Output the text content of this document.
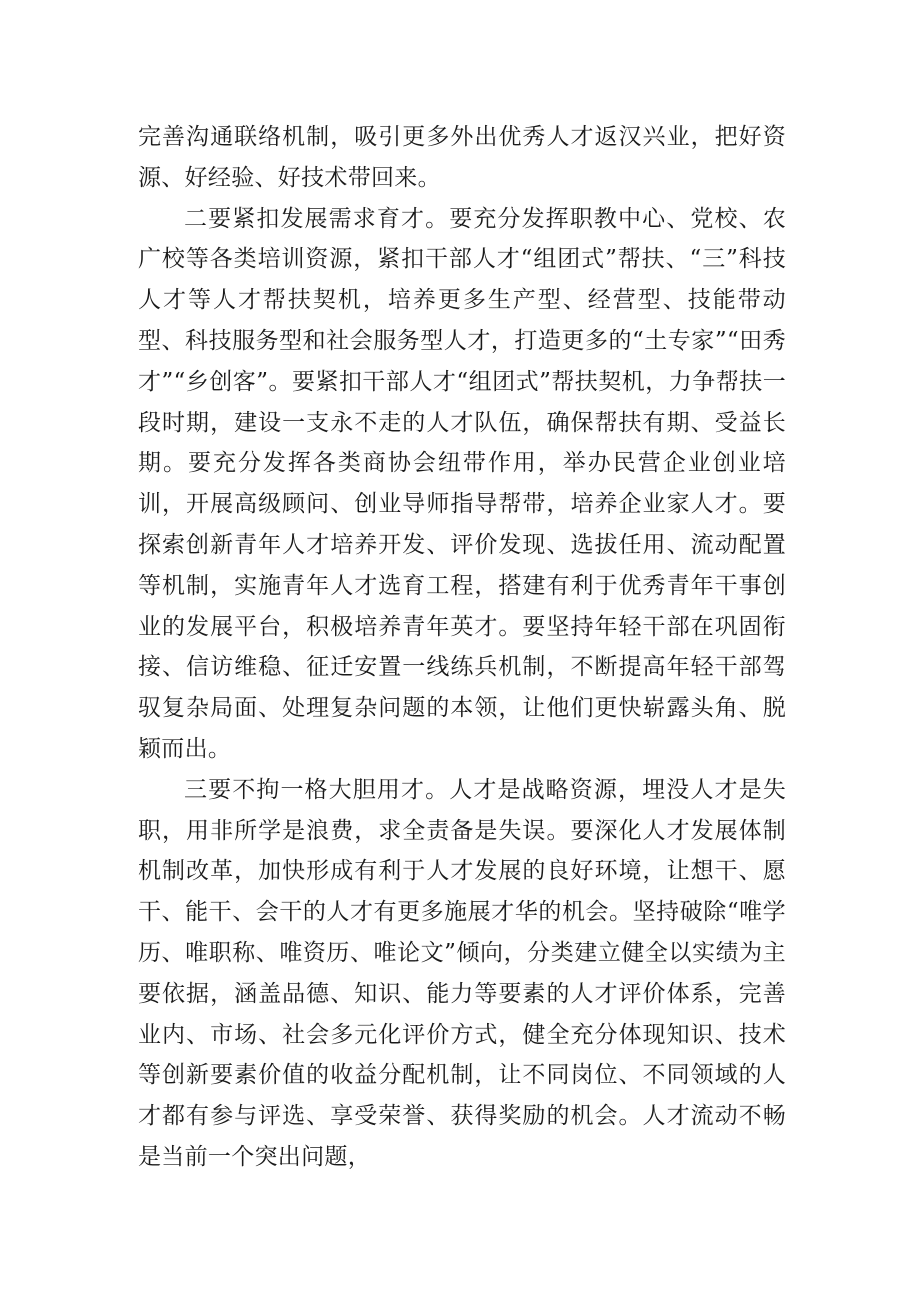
完善沟通联络机制，吸引更多外出优秀人才返汉兴业，把好资源、好经验、好技术带回来。

二要紧扣发展需求育才。要充分发挥职教中心、党校、农广校等各类培训资源，紧扣干部人才“组团式”帮扶、“三”科技人才等人才帮扶契机，培养更多生产型、经营型、技能带动型、科技服务型和社会服务型人才，打造更多的“土专家”“田秀才”“乡创客”。要紧扣干部人才“组团式”帮扶契机，力争帮扶一段时期，建设一支永不走的人才队伍，确保帮扶有期、受益长期。要充分发挥各类商协会纽带作用，举办民营企业创业培训，开展高级顾问、创业导师指导帮带，培养企业家人才。要探索创新青年人才培养开发、评价发现、选拔任用、流动配置等机制，实施青年人才选育工程，搭建有利于优秀青年干事创业的发展平台，积极培养青年英才。要坚持年轻干部在巩固衔接、信访维稳、征迁安置一线练兵机制，不断提高年轻干部驾驭复杂局面、处理复杂问题的本领，让他们更快崭露头角、脱颖而出。

三要不拘一格大胆用才。人才是战略资源，埋没人才是失职，用非所学是浪费，求全责备是失误。要深化人才发展体制机制改革，加快形成有利于人才发展的良好环境，让想干、愿干、能干、会干的人才有更多施展才华的机会。坚持破除“唯学历、唯职称、唯资历、唯论文”倾向，分类建立健全以实绩为主要依据，涵盖品德、知识、能力等要素的人才评价体系，完善业内、市场、社会多元化评价方式，健全充分体现知识、技术等创新要素价值的收益分配机制，让不同岗位、不同领域的人才都有参与评选、享受荣誉、获得奖励的机会。人才流动不畅是当前一个突出问题，
